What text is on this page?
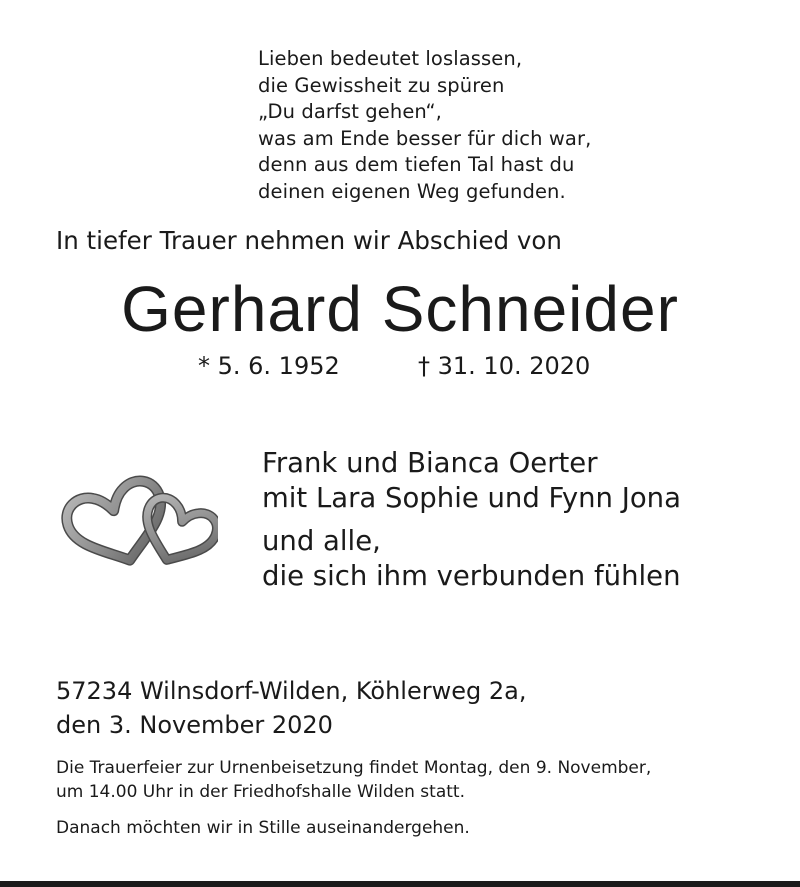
Lieben bedeutet loslassen,
die Gewissheit zu spüren
„Du darfst gehen“,
was am Ende besser für dich war,
denn aus dem tiefen Tal hast du
deinen eigenen Weg gefunden.
In tiefer Trauer nehmen wir Abschied von
Gerhard Schneider
* 5. 6. 1952	† 31. 10. 2020
Frank und Bianca Oerter
mit Lara Sophie und Fynn Jona
und alle,
die sich ihm verbunden fühlen
57234 Wilnsdorf-Wilden, Köhlerweg 2a,
den 3. November 2020
Die Trauerfeier zur Urnenbeisetzung findet Montag, den 9. November,
um 14.00 Uhr in der Friedhofshalle Wilden statt.
Danach möchten wir in Stille auseinandergehen.
